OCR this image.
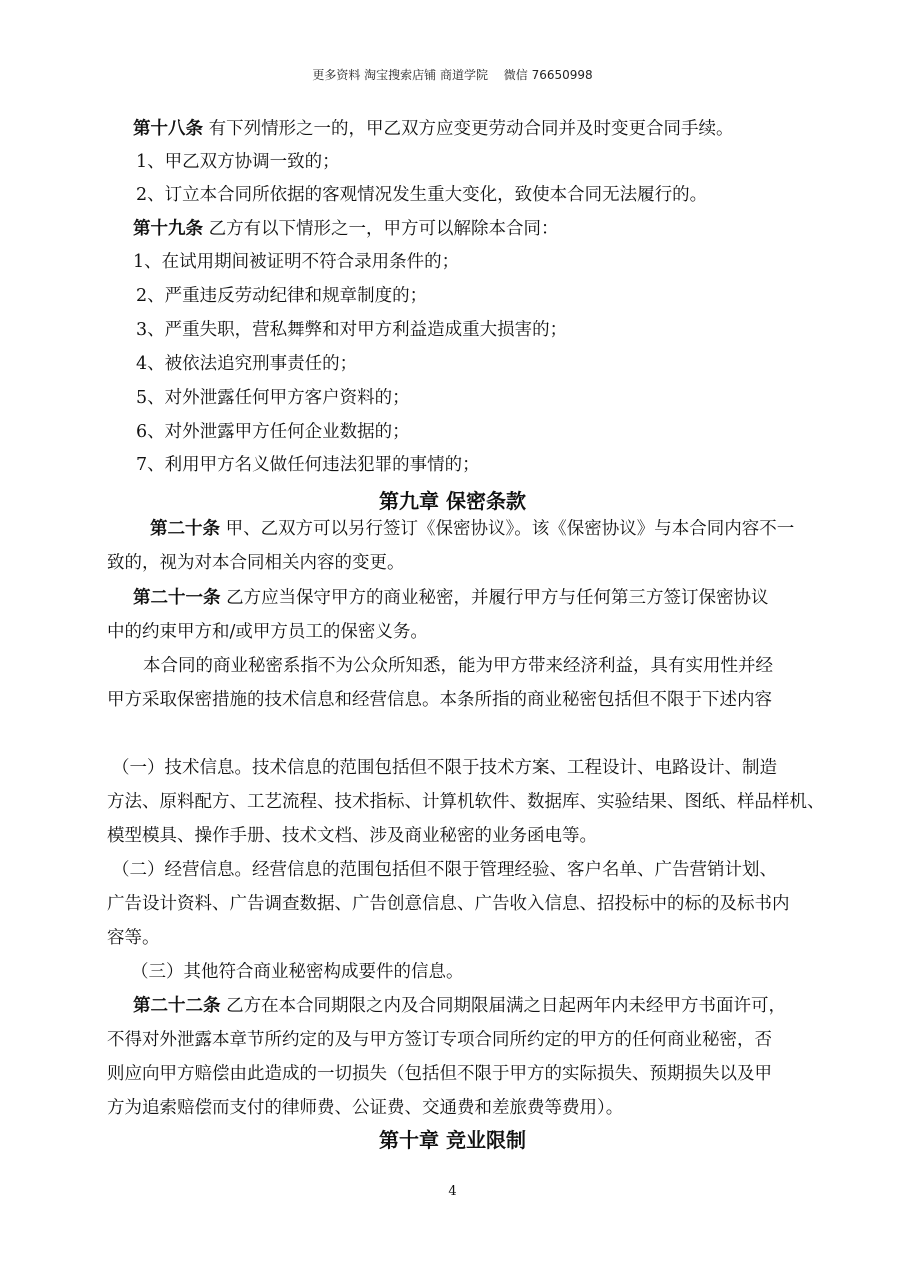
更多资料 淘宝搜索店铺 商道学院　 微信 76650998
第十八条 有下列情形之一的，甲乙双方应变更劳动合同并及时变更合同手续。
1、甲乙双方协调一致的；
2、订立本合同所依据的客观情况发生重大变化，致使本合同无法履行的。
第十九条 乙方有以下情形之一，甲方可以解除本合同：
1、在试用期间被证明不符合录用条件的；
2、严重违反劳动纪律和规章制度的；
3、严重失职，营私舞弊和对甲方利益造成重大损害的；
4、被依法追究刑事责任的；
5、对外泄露任何甲方客户资料的；
6、对外泄露甲方任何企业数据的；
7、利用甲方名义做任何违法犯罪的事情的；
第九章 保密条款
第二十条 甲、乙双方可以另行签订《保密协议》。该《保密协议》与本合同内容不一
致的，视为对本合同相关内容的变更。
第二十一条 乙方应当保守甲方的商业秘密，并履行甲方与任何第三方签订保密协议
中的约束甲方和/或甲方员工的保密义务。
本合同的商业秘密系指不为公众所知悉，能为甲方带来经济利益，具有实用性并经
甲方采取保密措施的技术信息和经营信息。本条所指的商业秘密包括但不限于下述内容
（一）技术信息。技术信息的范围包括但不限于技术方案、工程设计、电路设计、制造
方法、原料配方、工艺流程、技术指标、计算机软件、数据库、实验结果、图纸、样品样机、
模型模具、操作手册、技术文档、涉及商业秘密的业务函电等。
（二）经营信息。经营信息的范围包括但不限于管理经验、客户名单、广告营销计划、
广告设计资料、广告调查数据、广告创意信息、广告收入信息、招投标中的标的及标书内
容等。
（三）其他符合商业秘密构成要件的信息。
第二十二条 乙方在本合同期限之内及合同期限届满之日起两年内未经甲方书面许可，
不得对外泄露本章节所约定的及与甲方签订专项合同所约定的甲方的任何商业秘密，否
则应向甲方赔偿由此造成的一切损失（包括但不限于甲方的实际损失、预期损失以及甲
方为追索赔偿而支付的律师费、公证费、交通费和差旅费等费用）。
第十章 竞业限制
4
